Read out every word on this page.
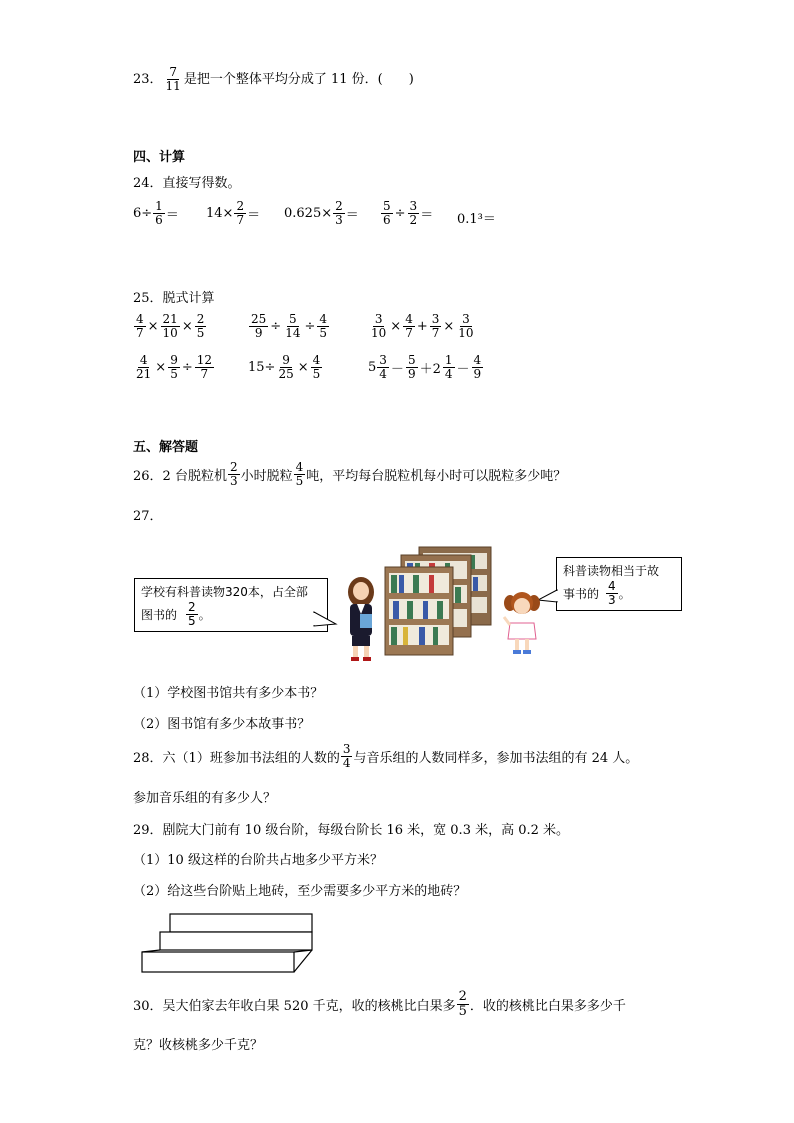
23． $\frac{7}{11}$ 是把一个整体平均分成了 11 份．(　　)
四、计算
24．直接写得数。
$6\div \frac{1}{6} = 14\times \frac{2}{7} = 0.625\times \frac{2}{3} = \frac{5}{6} \div \frac{3}{2} = 0.1^3=$
25．脱式计算
$\frac{4}{7} \times \frac{21}{10} \times \frac{2}{5}$	$\frac{25}{9} \div \frac{5}{14} \div \frac{4}{5}$	$\frac{3}{10} \times \frac{4}{7} + \frac{3}{7} \times \frac{3}{10}$
$\frac{4}{21} \times \frac{9}{5} \div \frac{12}{7}$	$15\div \frac{9}{25} \times \frac{4}{5}$	$5 \frac{3}{4} - \frac{5}{9} +2 \frac{1}{4} - \frac{4}{9}$
五、解答题
26．2 台脱粒机 $\frac{2}{3}$ 小时脱粒 $\frac{4}{5}$ 吨，平均每台脱粒机每小时可以脱粒多少吨？
27．
学校有科普读物320本，占全部
图书的 $\frac{2}{5}$ 。
科普读物相当于故
事书的 $\frac{4}{3}$ 。
（1）学校图书馆共有多少本书？
（2）图书馆有多少本故事书？
28．六（1）班参加书法组的人数的 $\frac{3}{4}$ 与音乐组的人数同样多，参加书法组的有 24 人。
参加音乐组的有多少人？
29．剧院大门前有 10 级台阶，每级台阶长 16 米，宽 0.3 米，高 0.2 米。
（1）10 级这样的台阶共占地多少平方米？
（2）给这些台阶贴上地砖，至少需要多少平方米的地砖？
30．吴大伯家去年收白果 520 千克，收的核桃比白果多 $\frac{2}{5}$ ．收的核桃比白果多多少千
克？收核桃多少千克？
